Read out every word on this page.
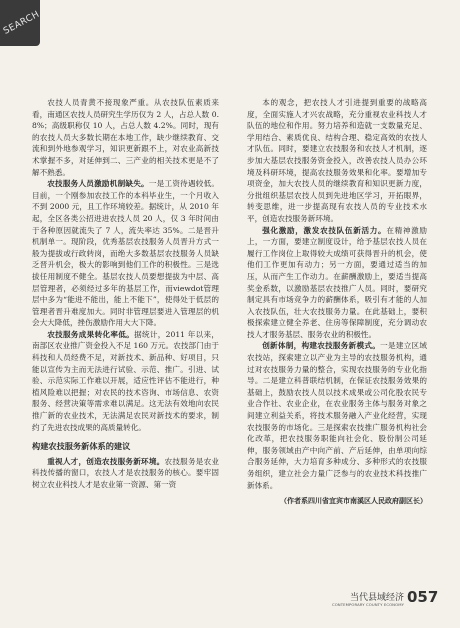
SEARCH

农技人员青黄不接现象严重。从农技队伍素质来看，南通区农技人员研究生学历仅为 2 人，占总人数 0.8%；高级职称仅 10 人，占总人数 4.2%。同时，现有的农技人员大多数长期在本地工作，缺少继续教育、交流和到外地参观学习，知识更新跟不上，对农业高新技术掌握不多，对延伸到二、三产业的相关技术更是不了解不熟悉。

农技服务人员激励机制缺失。一是工资待遇较低。目前，一个刚参加农技工作的本科毕业生，一个月收入不到 2000 元，且工作环境较差。据统计，从 2010 年起，全区各类公招进进农技人员 20 人，仅 3 年时间由于各种原因就流失了 7 人，流失率达 35%。二是晋升机制单一。现阶段，优秀基层农技服务人员晋升方式一般为提拔或行政转岗，而绝大多数基层农技服务人员缺乏晋升机会，极大的影响到他们工作的积极性。三是选拔任用制度不健全。基层农技人员要想提拔为中层、高层管理者，必须经过多年的基层工作，而viewdot管理层中多为“能进不能出，能上不能下”，使得处于低层的管理者晋升难度加大。同时非管理层要进入管理层的机会大大降低，挫伤激励作用大大下降。

农技服务成果转化率低。据统计，2011 年以来，南部区农业推广资金投入不足 160 万元。农技部门由于科技和人员经费不足，对新技术、新品种、好项目，只能以宣传为主而无法进行试验、示范、推广。引进、试验、示范实际工作难以开展，适应性评估不能进行，种植风险难以把握；对农民的技术咨询、市场信息、农资服务、经营决策等需求难以满足。这无法有效地向农民推广新的农业技术，无法满足农民对新技术的要求，制约了先进农技成果的高质量转化。

构建农技服务新体系的建议

重视人才，创造农技服务新环境。农技服务是农业科技传播的窗口，农技人才是农技服务的核心。要牢固树立农业科技人才是农业第一资源、第一资

本的观念，把农技人才引进提到重要的战略高度，全面实施人才兴农战略，充分重视农业科技人才队伍的地位和作用。努力培养和造就一支数量充足、学用结合、素质优良、结构合理、稳定高效的农技人才队伍。同时，要建立农技服务和农技人才机制，逐步加大基层农技服务资金投入，改善农技人员办公环境及科研环境，提高农技服务效果和化率。要增加专项资金，加大农技人员的继续教育和知识更新力度，分批组织基层农技人员到先进地区学习，开拓眼界，转变思维，进一步提高现有农技人员的专业技术水平，创造农技服务新环境。

强化激励，激发农技队伍新活力。在精神激励上，一方面，要建立制度设计，给予基层农技人员在履行工作岗位上取得较大成绩可获得晋升的机会，使他们工作更加有动力；另一方面，要通过适当的加压，从而产生工作动力。在薪酬激励上，要适当提高奖金系数，以激励基层农技推广人员。同时，要研究制定具有市场竞争力的薪酬体系，吸引有才能的人加入农技队伍，壮大农技服务力量。在此基础上，要积极探索建立健全养老、住房等保障制度，充分调动农技人才服务基层、服务农业的积极性。

创新体制，构建农技服务新模式。一是建立区域农技站，探索建立以产业为主导的农技服务机构，通过对农技服务力量的整合，实现农技服务的专业化指导。二是建立科普联结机制，在保证农技服务效果的基础上，鼓励农技人员以技术成果或公司化股农民专业合作社、农业企业，在农业服务主体与服务对象之间建立利益关系，将技术服务融入产业化经营，实现农技服务的市场化。三是探索农技推广服务机构社会化改革，把农技服务职能向社会化、股份制公司延伸，服务领域由产中向产前、产后延伸，由单项向综合服务延伸，大力培育多种成分、多种形式的农技服务组织，建立社会力量广泛参与的农业技术科技推广新体系。

（作者系四川省宜宾市南溪区人民政府副区长）

当代县域经济
CONTEMPORARY COUNTY ECONOMY 057
